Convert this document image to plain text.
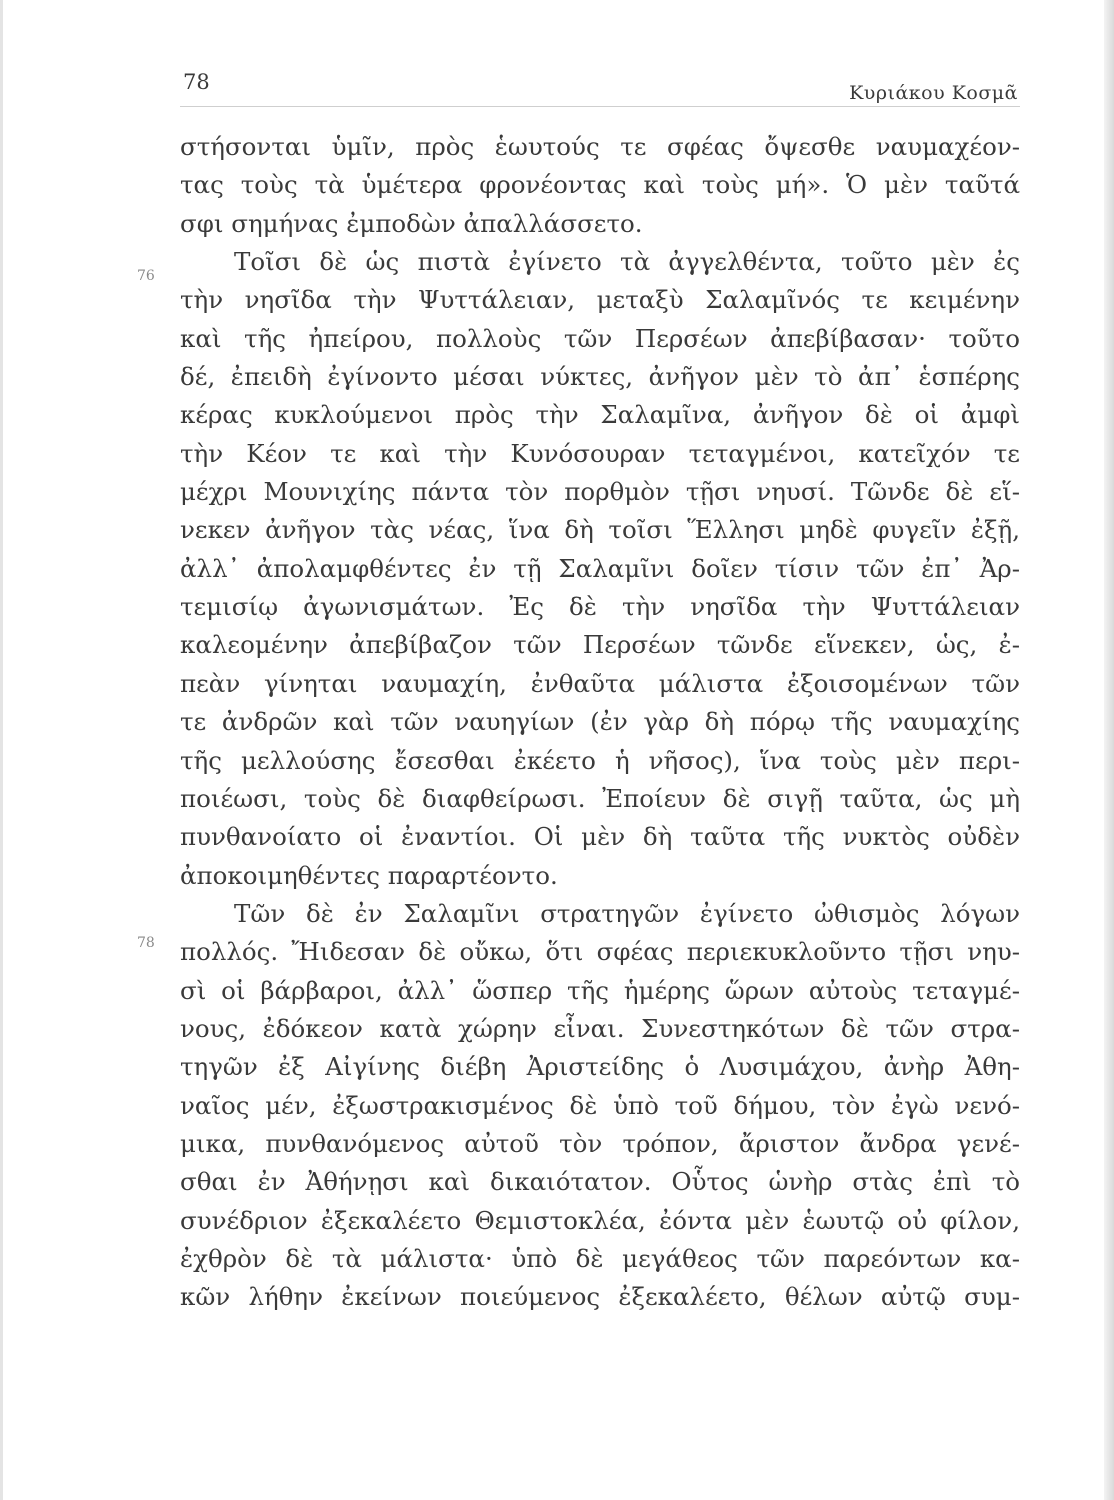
78	Κυριάκου Κοσμᾶ
76
78
στήσονται ὑμῖν, πρὸς ἑωυτούς τε σφέας ὄψεσθε ναυμαχέον-
τας τοὺς τὰ ὑμέτερα φρονέοντας καὶ τοὺς μή». Ὁ μὲν ταῦτά
σφι σημήνας ἐμποδὼν ἀπαλλάσσετο.
Τοῖσι δὲ ὡς πιστὰ ἐγίνετο τὰ ἀγγελθέντα, τοῦτο μὲν ἐς
τὴν νησῖδα τὴν Ψυττάλειαν, μεταξὺ Σαλαμῖνός τε κειμένην
καὶ τῆς ἠπείρου, πολλοὺς τῶν Περσέων ἀπεβίβασαν· τοῦτο
δέ, ἐπειδὴ ἐγίνοντο μέσαι νύκτες, ἀνῆγον μὲν τὸ ἀπ᾽ ἑσπέρης
κέρας κυκλούμενοι πρὸς τὴν Σαλαμῖνα, ἀνῆγον δὲ οἱ ἀμφὶ
τὴν Κέον τε καὶ τὴν Κυνόσουραν τεταγμένοι, κατεῖχόν τε
μέχρι Μουνιχίης πάντα τὸν πορθμὸν τῇσι νηυσί. Τῶνδε δὲ εἵ-
νεκεν ἀνῆγον τὰς νέας, ἵνα δὴ τοῖσι Ἕλλησι μηδὲ φυγεῖν ἐξῇ,
ἀλλ᾽ ἀπολαμφθέντες ἐν τῇ Σαλαμῖνι δοῖεν τίσιν τῶν ἐπ᾽ Ἀρ-
τεμισίῳ ἀγωνισμάτων. Ἐς δὲ τὴν νησῖδα τὴν Ψυττάλειαν
καλεομένην ἀπεβίβαζον τῶν Περσέων τῶνδε εἵνεκεν, ὡς, ἐ-
πεὰν γίνηται ναυμαχίη, ἐνθαῦτα μάλιστα ἐξοισομένων τῶν
τε ἀνδρῶν καὶ τῶν ναυηγίων (ἐν γὰρ δὴ πόρῳ τῆς ναυμαχίης
τῆς μελλούσης ἔσεσθαι ἐκέετο ἡ νῆσος), ἵνα τοὺς μὲν περι-
ποιέωσι, τοὺς δὲ διαφθείρωσι. Ἐποίευν δὲ σιγῇ ταῦτα, ὡς μὴ
πυνθανοίατο οἱ ἐναντίοι. Οἱ μὲν δὴ ταῦτα τῆς νυκτὸς οὐδὲν
ἀποκοιμηθέντες παραρτέοντο.
Τῶν δὲ ἐν Σαλαμῖνι στρατηγῶν ἐγίνετο ὠθισμὸς λόγων
πολλός. Ἤιδεσαν δὲ οὔκω, ὅτι σφέας περιεκυκλοῦντο τῇσι νηυ-
σὶ οἱ βάρβαροι, ἀλλ᾽ ὥσπερ τῆς ἡμέρης ὥρων αὐτοὺς τεταγμέ-
νους, ἐδόκεον κατὰ χώρην εἶναι. Συνεστηκότων δὲ τῶν στρα-
τηγῶν ἐξ Αἰγίνης διέβη Ἀριστείδης ὁ Λυσιμάχου, ἀνὴρ Ἀθη-
ναῖος μέν, ἐξωστρακισμένος δὲ ὑπὸ τοῦ δήμου, τὸν ἐγὼ νενό-
μικα, πυνθανόμενος αὐτοῦ τὸν τρόπον, ἄριστον ἄνδρα γενέ-
σθαι ἐν Ἀθήνῃσι καὶ δικαιότατον. Οὗτος ὡνὴρ στὰς ἐπὶ τὸ
συνέδριον ἐξεκαλέετο Θεμιστοκλέα, ἐόντα μὲν ἑωυτῷ οὐ φίλον,
ἐχθρὸν δὲ τὰ μάλιστα· ὑπὸ δὲ μεγάθεος τῶν παρεόντων κα-
κῶν λήθην ἐκείνων ποιεύμενος ἐξεκαλέετο, θέλων αὐτῷ συμ-
